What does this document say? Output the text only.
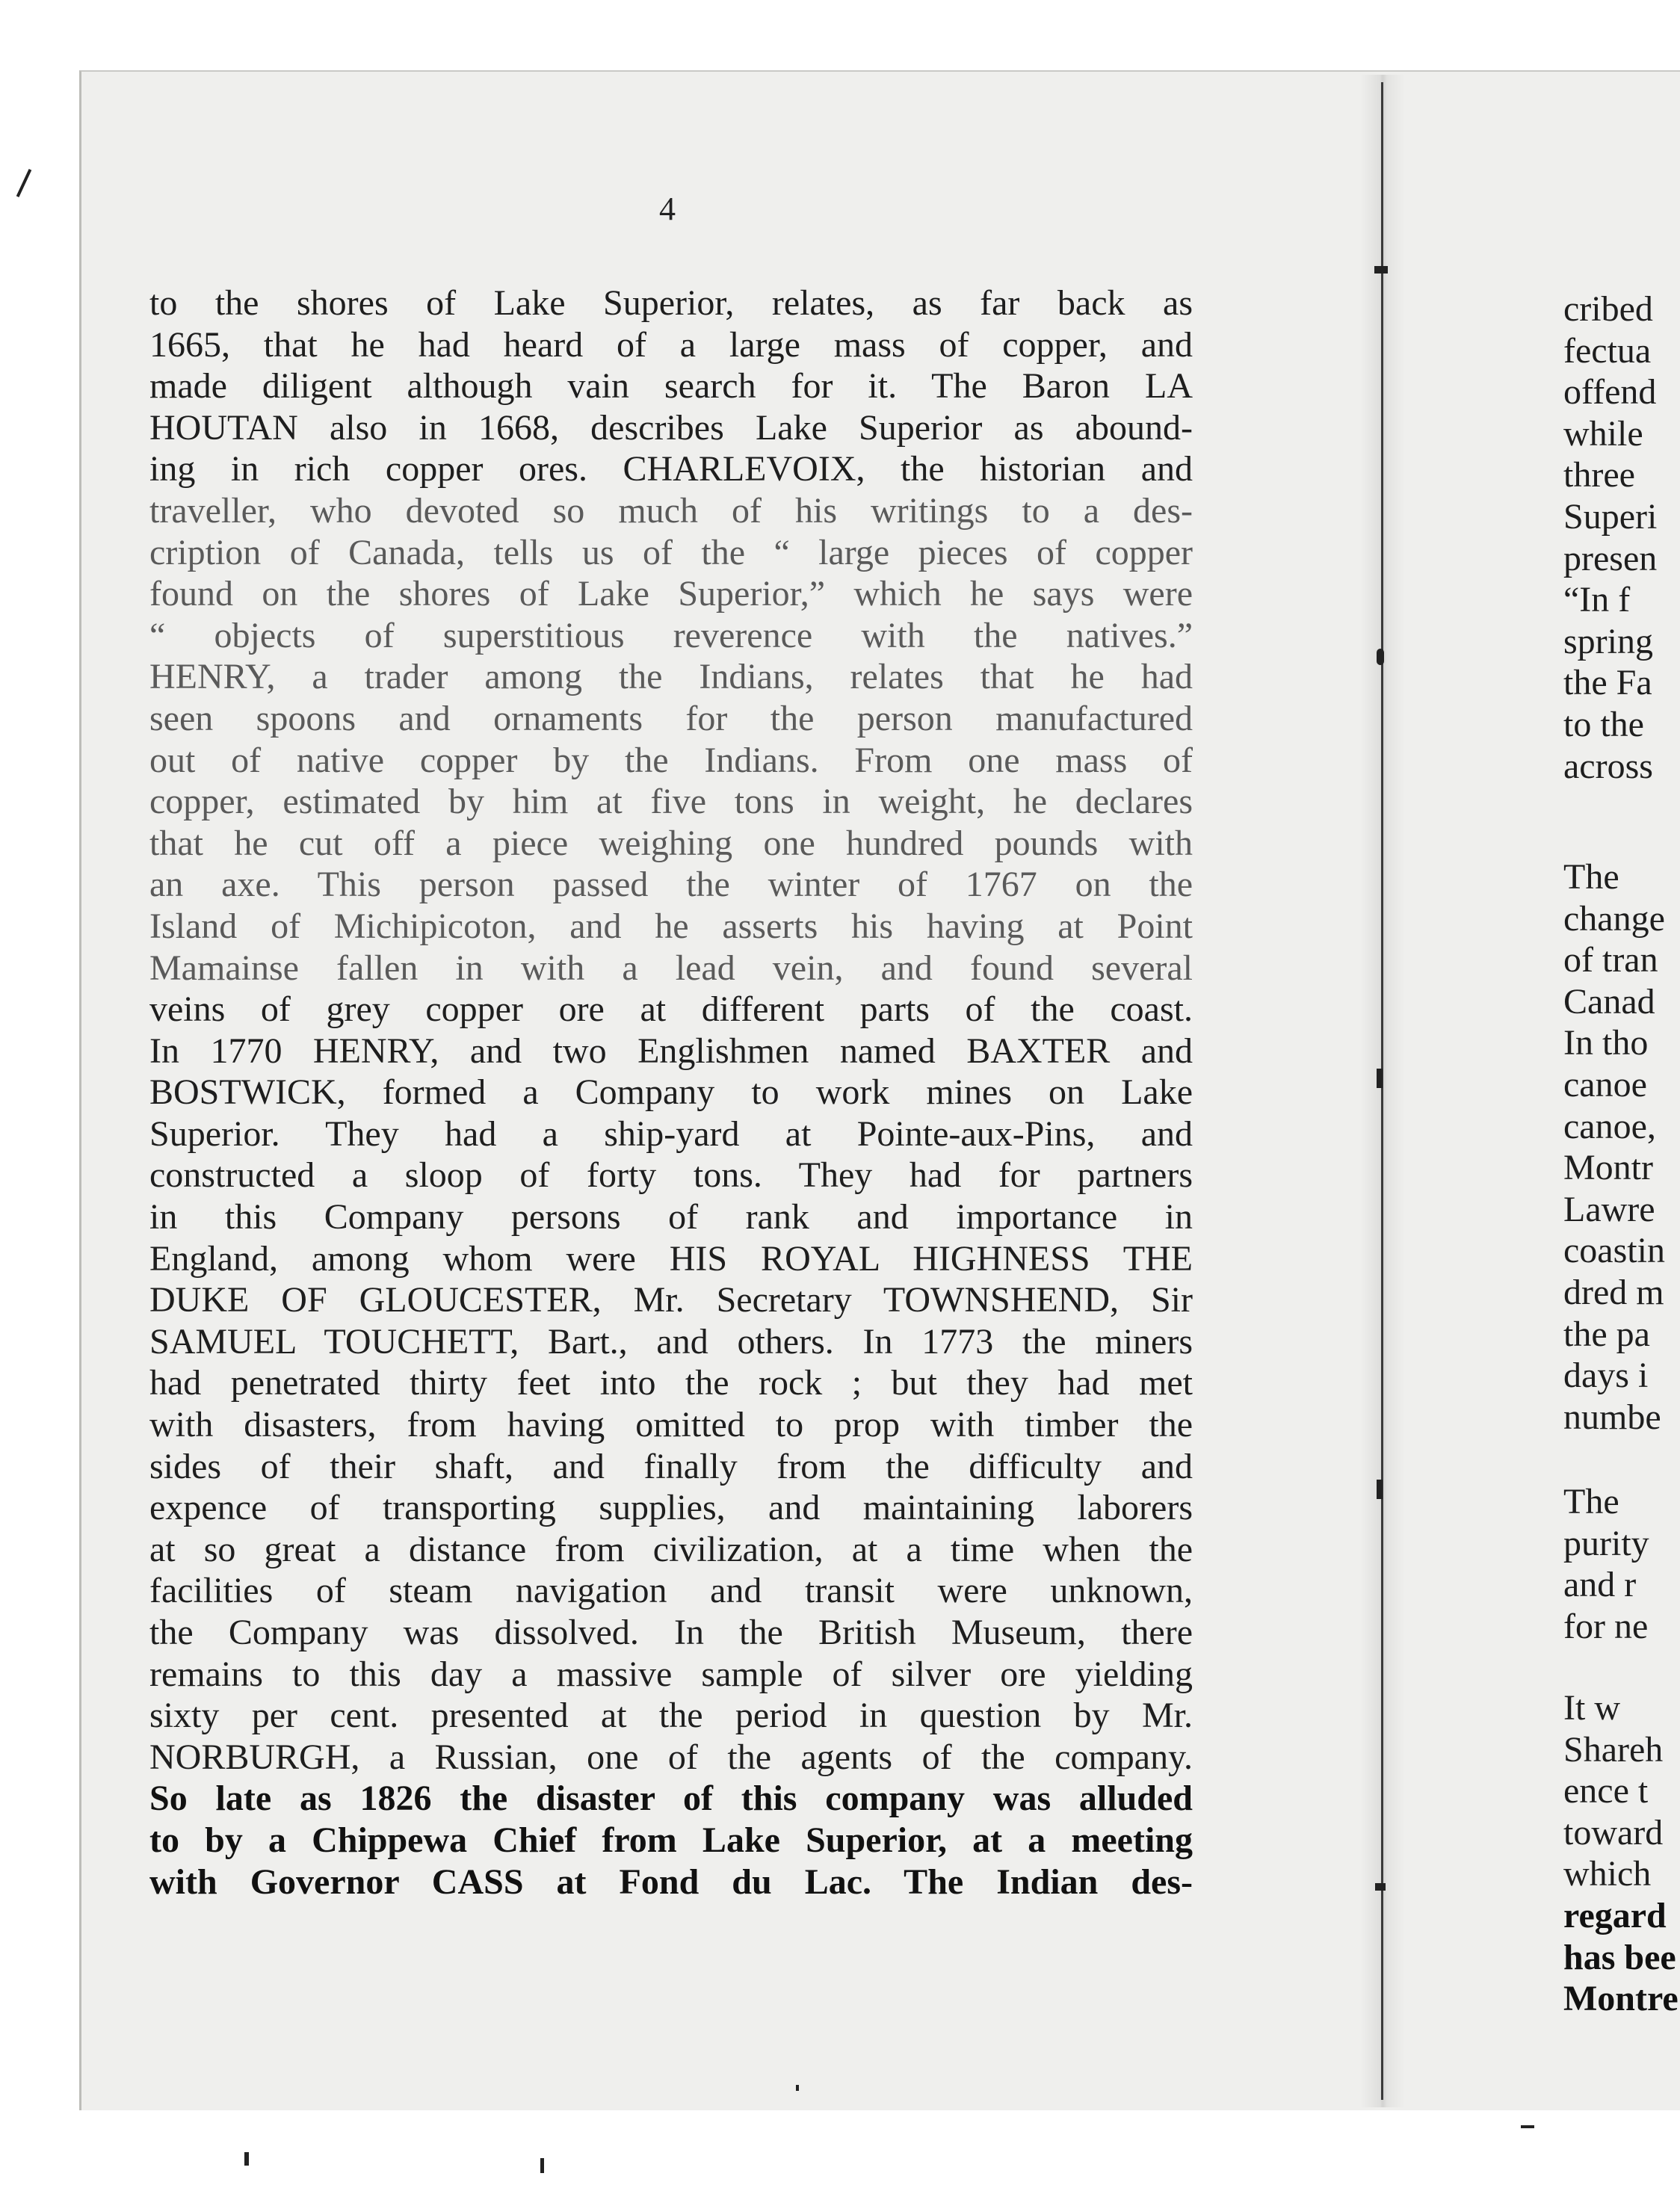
4
to the shores of Lake Superior, relates, as far back as
1665, that he had heard of a large mass of copper, and
made diligent although vain search for it. The Baron LA
HOUTAN also in 1668, describes Lake Superior as abound-
ing in rich copper ores. CHARLEVOIX, the historian and
traveller, who devoted so much of his writings to a des-
cription of Canada, tells us of the “ large pieces of copper
found on the shores of Lake Superior,” which he says were
“ objects of superstitious reverence with the natives.”
HENRY, a trader among the Indians, relates that he had
seen spoons and ornaments for the person manufactured
out of native copper by the Indians. From one mass of
copper, estimated by him at five tons in weight, he declares
that he cut off a piece weighing one hundred pounds with
an axe. This person passed the winter of 1767 on the
Island of Michipicoton, and he asserts his having at Point
Mamainse fallen in with a lead vein, and found several
veins of grey copper ore at different parts of the coast.
In 1770 HENRY, and two Englishmen named BAXTER and
BOSTWICK, formed a Company to work mines on Lake
Superior. They had a ship-yard at Pointe-aux-Pins, and
constructed a sloop of forty tons. They had for partners
in this Company persons of rank and importance in
England, among whom were HIS ROYAL HIGHNESS THE
DUKE OF GLOUCESTER, Mr. Secretary TOWNSHEND, Sir
SAMUEL TOUCHETT, Bart., and others. In 1773 the miners
had penetrated thirty feet into the rock ; but they had met
with disasters, from having omitted to prop with timber the
sides of their shaft, and finally from the difficulty and
expence of transporting supplies, and maintaining laborers
at so great a distance from civilization, at a time when the
facilities of steam navigation and transit were unknown,
the Company was dissolved. In the British Museum, there
remains to this day a massive sample of silver ore yielding
sixty per cent. presented at the period in question by Mr.
NORBURGH, a Russian, one of the agents of the company.
So late as 1826 the disaster of this company was alluded
to by a Chippewa Chief from Lake Superior, at a meeting
with Governor CASS at Fond du Lac. The Indian des-
cribed
fectua
offend
while
three
Superi
presen
“In f
spring
the Fa
to the
across
The
change
of tran
Canad
In tho
canoe
canoe,
Montr
Lawre
coastin
dred m
the pa
days i
numbe
The
purity
and r
for ne
It w
Shareh
ence t
toward
which
regard
has bee
Montre
